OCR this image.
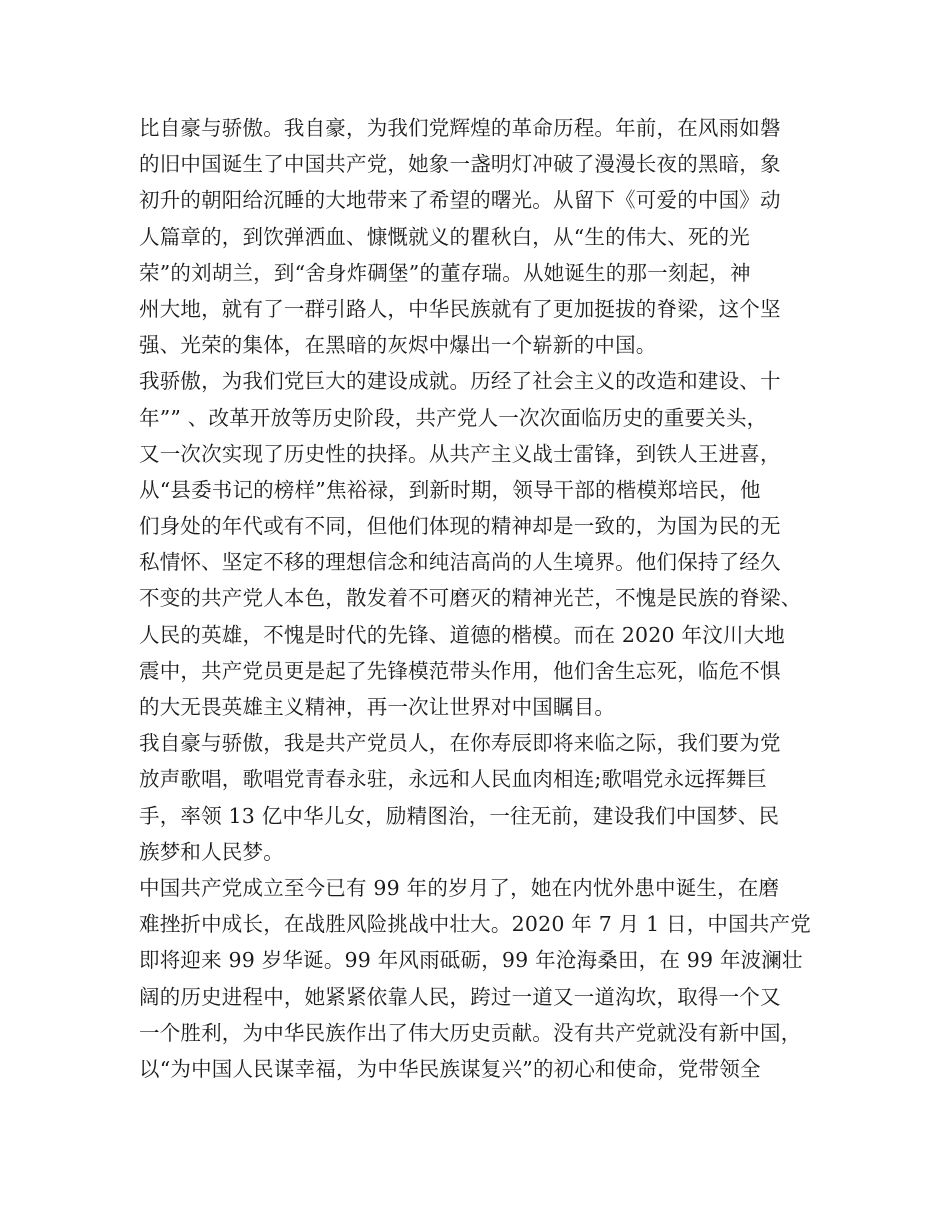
比自豪与骄傲。我自豪，为我们党辉煌的革命历程。年前，在风雨如磐
的旧中国诞生了中国共产党，她象一盏明灯冲破了漫漫长夜的黑暗，象
初升的朝阳给沉睡的大地带来了希望的曙光。从留下《可爱的中国》动
人篇章的，到饮弹洒血、慷慨就义的瞿秋白，从“生的伟大、死的光
荣”的刘胡兰，到“舍身炸碉堡”的董存瑞。从她诞生的那一刻起，神
州大地，就有了一群引路人，中华民族就有了更加挺拔的脊梁，这个坚
强、光荣的集体，在黑暗的灰烬中爆出一个崭新的中国。
我骄傲，为我们党巨大的建设成就。历经了社会主义的改造和建设、十
年”” 、改革开放等历史阶段，共产党人一次次面临历史的重要关头，
又一次次实现了历史性的抉择。从共产主义战士雷锋，到铁人王进喜，
从“县委书记的榜样”焦裕禄，到新时期，领导干部的楷模郑培民，他
们身处的年代或有不同，但他们体现的精神却是一致的，为国为民的无
私情怀、坚定不移的理想信念和纯洁高尚的人生境界。他们保持了经久
不变的共产党人本色，散发着不可磨灭的精神光芒，不愧是民族的脊梁、
人民的英雄，不愧是时代的先锋、道德的楷模。而在 2020 年汶川大地
震中，共产党员更是起了先锋模范带头作用，他们舍生忘死，临危不惧
的大无畏英雄主义精神，再一次让世界对中国瞩目。
我自豪与骄傲，我是共产党员人，在你寿辰即将来临之际，我们要为党
放声歌唱，歌唱党青春永驻，永远和人民血肉相连;歌唱党永远挥舞巨
手，率领 13 亿中华儿女，励精图治，一往无前，建设我们中国梦、民
族梦和人民梦。
中国共产党成立至今已有 99 年的岁月了，她在内忧外患中诞生，在磨
难挫折中成长，在战胜风险挑战中壮大。2020 年 7 月 1 日，中国共产党
即将迎来 99 岁华诞。99 年风雨砥砺，99 年沧海桑田，在 99 年波澜壮
阔的历史进程中，她紧紧依靠人民，跨过一道又一道沟坎，取得一个又
一个胜利，为中华民族作出了伟大历史贡献。没有共产党就没有新中国，
以“为中国人民谋幸福，为中华民族谋复兴”的初心和使命，党带领全
